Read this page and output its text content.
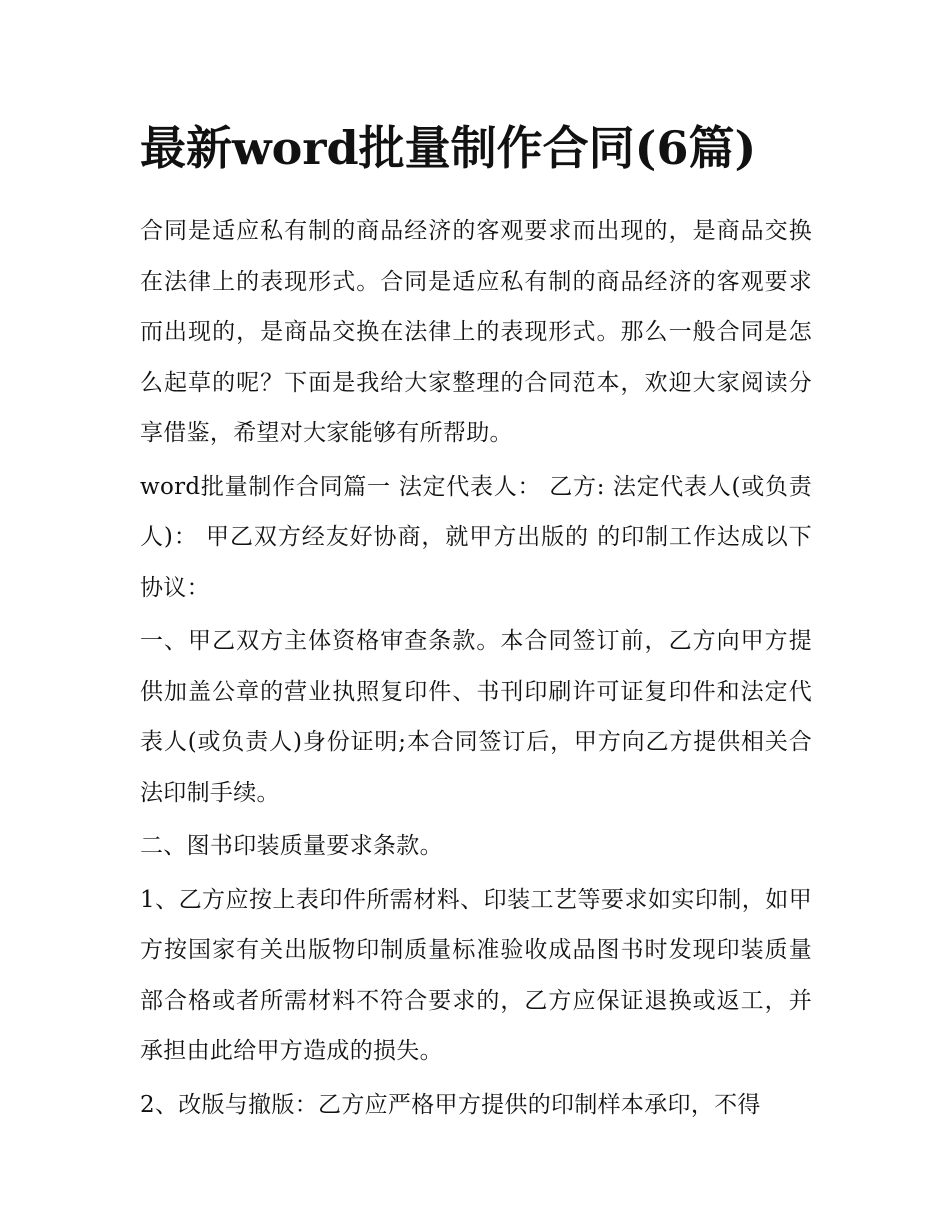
最新word批量制作合同(6篇)

合同是适应私有制的商品经济的客观要求而出现的，是商品交换在法律上的表现形式。合同是适应私有制的商品经济的客观要求而出现的，是商品交换在法律上的表现形式。那么一般合同是怎么起草的呢？下面是我给大家整理的合同范本，欢迎大家阅读分享借鉴，希望对大家能够有所帮助。

word批量制作合同篇一 法定代表人： 乙方: 法定代表人(或负责人)： 甲乙双方经友好协商，就甲方出版的 的印制工作达成以下协议：

一、甲乙双方主体资格审查条款。本合同签订前，乙方向甲方提供加盖公章的营业执照复印件、书刊印刷许可证复印件和法定代表人(或负责人)身份证明;本合同签订后，甲方向乙方提供相关合法印制手续。

二、图书印装质量要求条款。

1、乙方应按上表印件所需材料、印装工艺等要求如实印制，如甲方按国家有关出版物印制质量标准验收成品图书时发现印装质量部合格或者所需材料不符合要求的，乙方应保证退换或返工，并承担由此给甲方造成的损失。

2、改版与撤版：乙方应严格甲方提供的印制样本承印，不得
